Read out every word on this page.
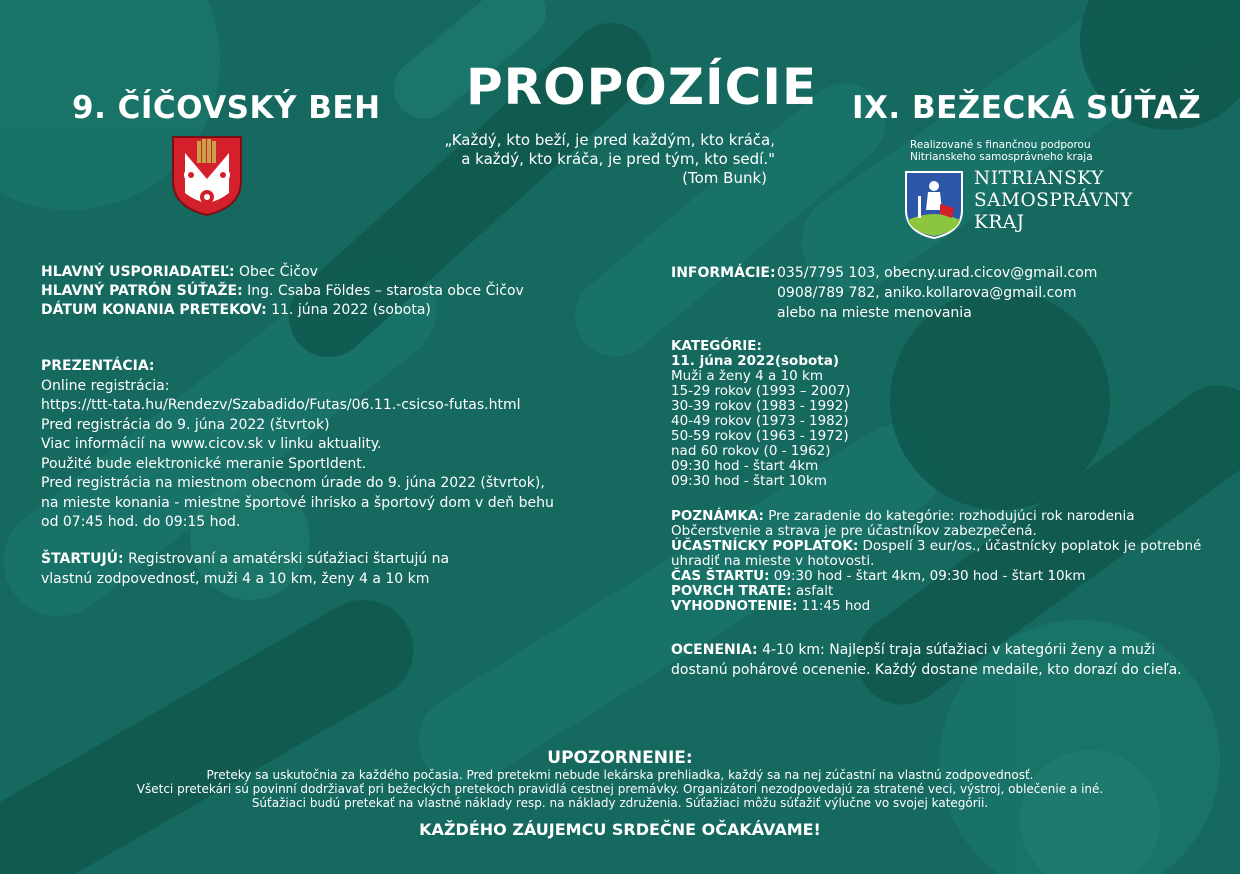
9. ČÍČOVSKÝ BEH PROPOZÍCIE IX. BEŽECKÁ SÚŤAŽ
„Každý, kto beží, je pred každým, kto kráča,
a každý, kto kráča, je pred tým, kto sedí."
(Tom Bunk)
Realizované s finančnou podporou
Nitrianskeho samosprávneho kraja
NITRIANSKY
SAMOSPRÁVNY
KRAJ
HLAVNÝ USPORIADATEĽ: Obec Čičov
HLAVNÝ PATRÓN SÚŤAŽE: Ing. Csaba Földes – starosta obce Čičov
DÁTUM KONANIA PRETEKOV: 11. júna 2022 (sobota)
PREZENTÁCIA:
Online registrácia:
https://ttt-tata.hu/Rendezv/Szabadido/Futas/06.11.-csicso-futas.html
Pred registrácia do 9. júna 2022 (štvrtok)
Viac informácií na www.cicov.sk v linku aktuality.
Použité bude elektronické meranie SportIdent.
Pred registrácia na miestnom obecnom úrade do 9. júna 2022 (štvrtok),
na mieste konania - miestne športové ihrisko a športový dom v deň behu
od 07:45 hod. do 09:15 hod.
ŠTARTUJÚ: Registrovaní a amatérski súťažiaci štartujú na
vlastnú zodpovednosť, muži 4 a 10 km, ženy 4 a 10 km
INFORMÁCIE: 035/7795 103, obecny.urad.cicov@gmail.com
0908/789 782, aniko.kollarova@gmail.com
alebo na mieste menovania
KATEGÓRIE:
11. júna 2022(sobota)
Muži a ženy 4 a 10 km
15-29 rokov (1993 – 2007)
30-39 rokov (1983 - 1992)
40-49 rokov (1973 - 1982)
50-59 rokov (1963 - 1972)
nad 60 rokov (0 - 1962)
09:30 hod - štart 4km
09:30 hod - štart 10km
POZNÁMKA: Pre zaradenie do kategórie: rozhodujúci rok narodenia
Občerstvenie a strava je pre účastníkov zabezpečená.
ÚČASTNÍCKY POPLATOK: Dospelí 3 eur/os., účastnícky poplatok je potrebné
uhradiť na mieste v hotovosti.
ČAS ŠTARTU: 09:30 hod - štart 4km, 09:30 hod - štart 10km
POVRCH TRATE: asfalt
VYHODNOTENIE: 11:45 hod
OCENENIA: 4-10 km: Najlepší traja súťažiaci v kategórii ženy a muži
dostanú pohárové ocenenie. Každý dostane medaile, kto dorazí do cieľa.
UPOZORNENIE:
Preteky sa uskutočnia za každého počasia. Pred pretekmi nebude lekárska prehliadka, každý sa na nej zúčastní na vlastnú zodpovednosť.
Všetci pretekári sú povinní dodržiavať pri bežeckých pretekoch pravidlá cestnej premávky. Organizátori nezodpovedajú za stratené veci, výstroj, oblečenie a iné.
Súťažiaci budú pretekať na vlastné náklady resp. na náklady združenia. Súťažiaci môžu súťažiť výlučne vo svojej kategórii.
KAŽDÉHO ZÁUJEMCU SRDEČNE OČAKÁVAME!
